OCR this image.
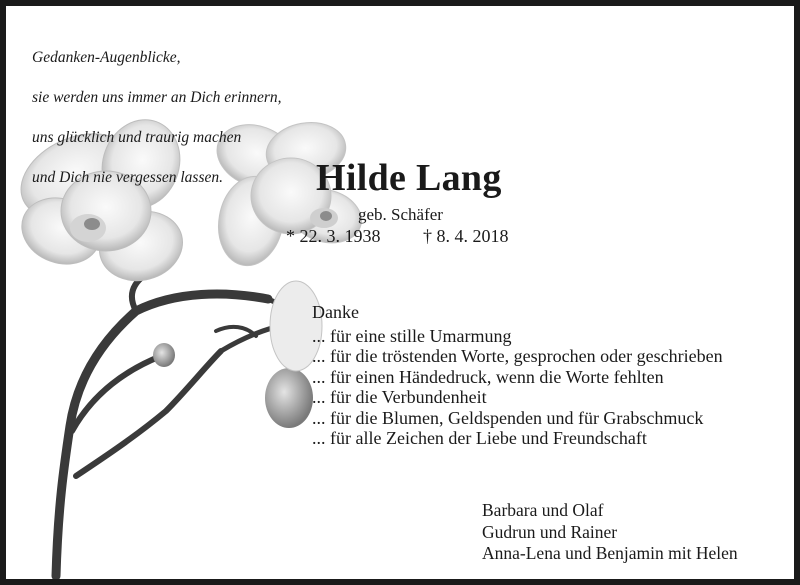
Gedanken-Augenblicke,

sie werden uns immer an Dich erinnern,

uns glücklich und traurig machen

und Dich nie vergessen lassen.	Hilde Lang
geb. Schäfer
* 22. 3. 1938 † 8. 4. 2018
Danke
... für eine stille Umarmung
... für die tröstenden Worte, gesprochen oder geschrieben
... für einen Händedruck, wenn die Worte fehlten
... für die Verbundenheit
... für die Blumen, Geldspenden und für Grabschmuck
... für alle Zeichen der Liebe und Freundschaft
Barbara und Olaf
Gudrun und Rainer
Anna-Lena und Benjamin mit Helen
